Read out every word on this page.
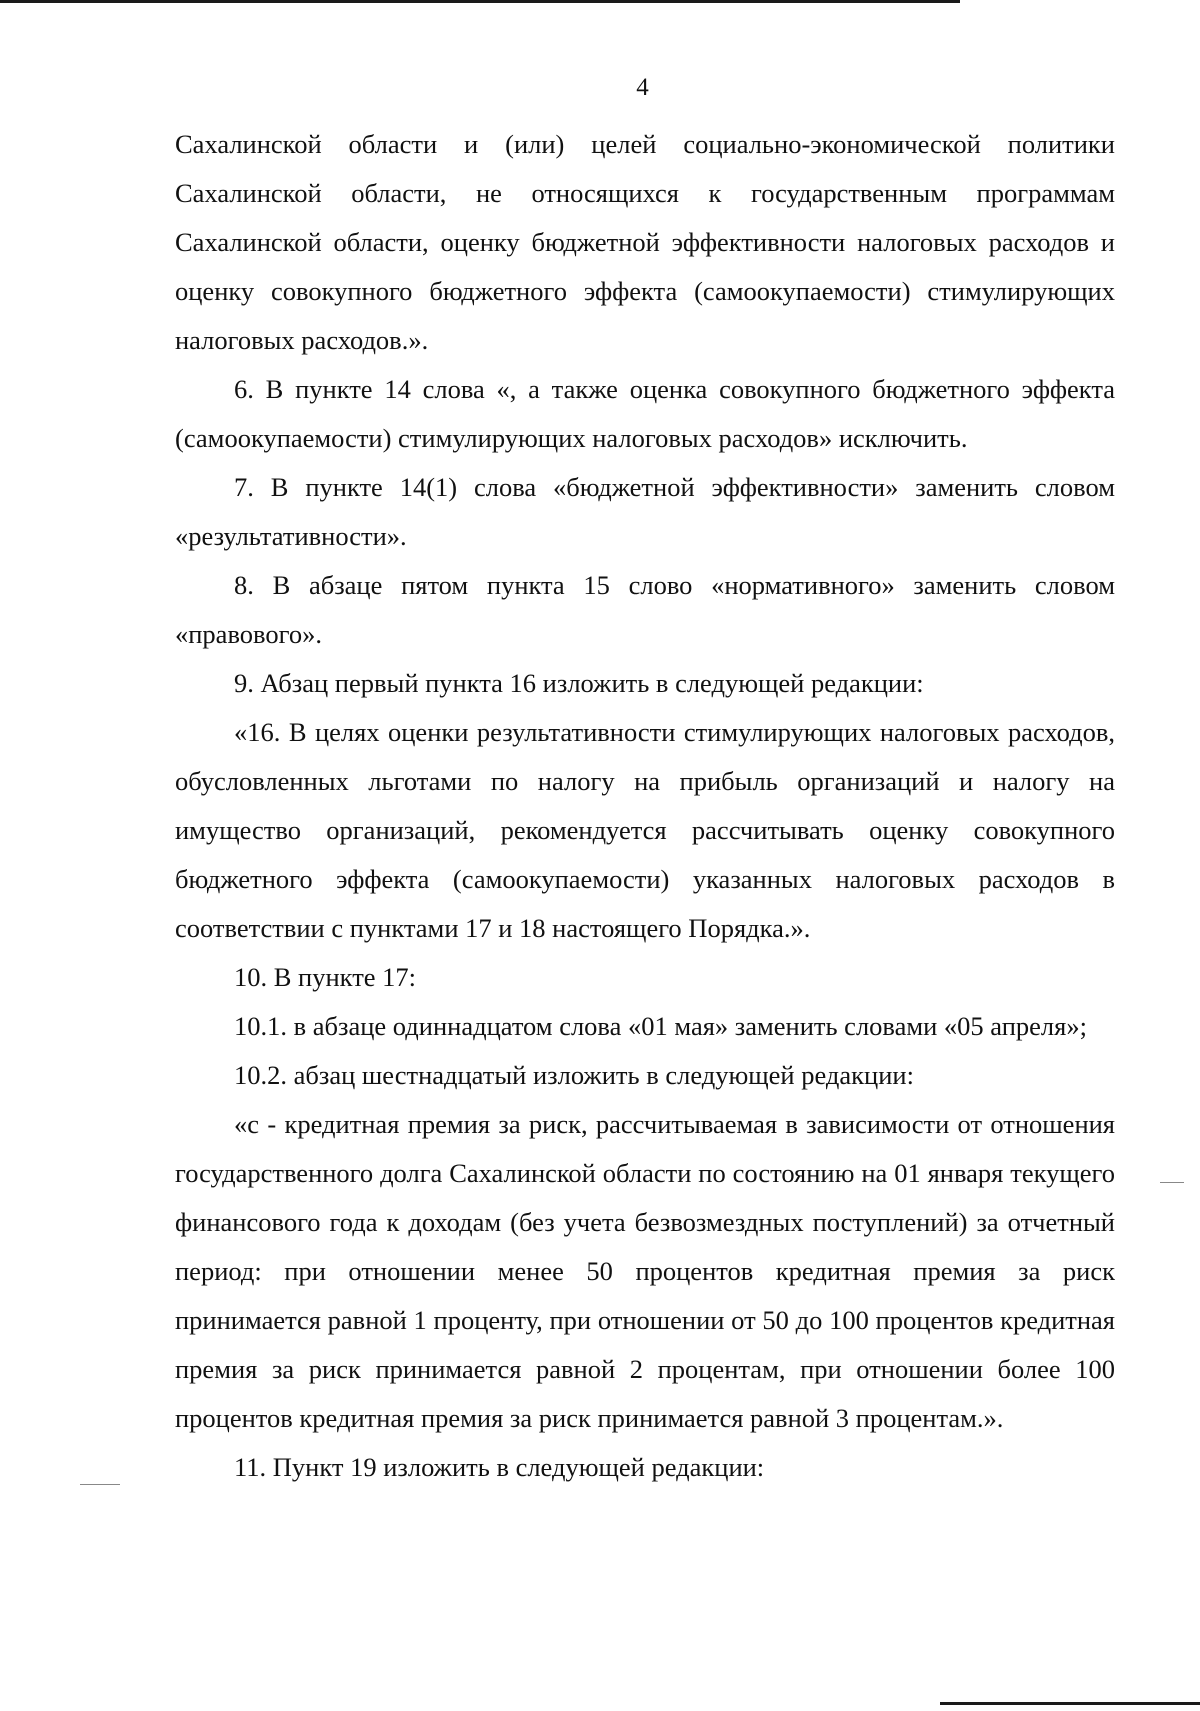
4

Сахалинской области и (или) целей социально-экономической политики Сахалинской области, не относящихся к государственным программам Сахалинской области, оценку бюджетной эффективности налоговых расходов и оценку совокупного бюджетного эффекта (самоокупаемости) стимулирующих налоговых расходов.».

6. В пункте 14 слова «, а также оценка совокупного бюджетного эффекта (самоокупаемости) стимулирующих налоговых расходов» исключить.

7. В пункте 14(1) слова «бюджетной эффективности» заменить словом «результативности».

8. В абзаце пятом пункта 15 слово «нормативного» заменить словом «правового».

9. Абзац первый пункта 16 изложить в следующей редакции:

«16. В целях оценки результативности стимулирующих налоговых расходов, обусловленных льготами по налогу на прибыль организаций и налогу на имущество организаций, рекомендуется рассчитывать оценку совокупного бюджетного эффекта (самоокупаемости) указанных налоговых расходов в соответствии с пунктами 17 и 18 настоящего Порядка.».

10. В пункте 17:

10.1. в абзаце одиннадцатом слова «01 мая» заменить словами «05 апреля»;

10.2. абзац шестнадцатый изложить в следующей редакции:

«c - кредитная премия за риск, рассчитываемая в зависимости от отношения государственного долга Сахалинской области по состоянию на 01 января текущего финансового года к доходам (без учета безвозмездных поступлений) за отчетный период: при отношении менее 50 процентов кредитная премия за риск принимается равной 1 проценту, при отношении от 50 до 100 процентов кредитная премия за риск принимается равной 2 процентам, при отношении более 100 процентов кредитная премия за риск принимается равной 3 процентам.».

11. Пункт 19 изложить в следующей редакции:
